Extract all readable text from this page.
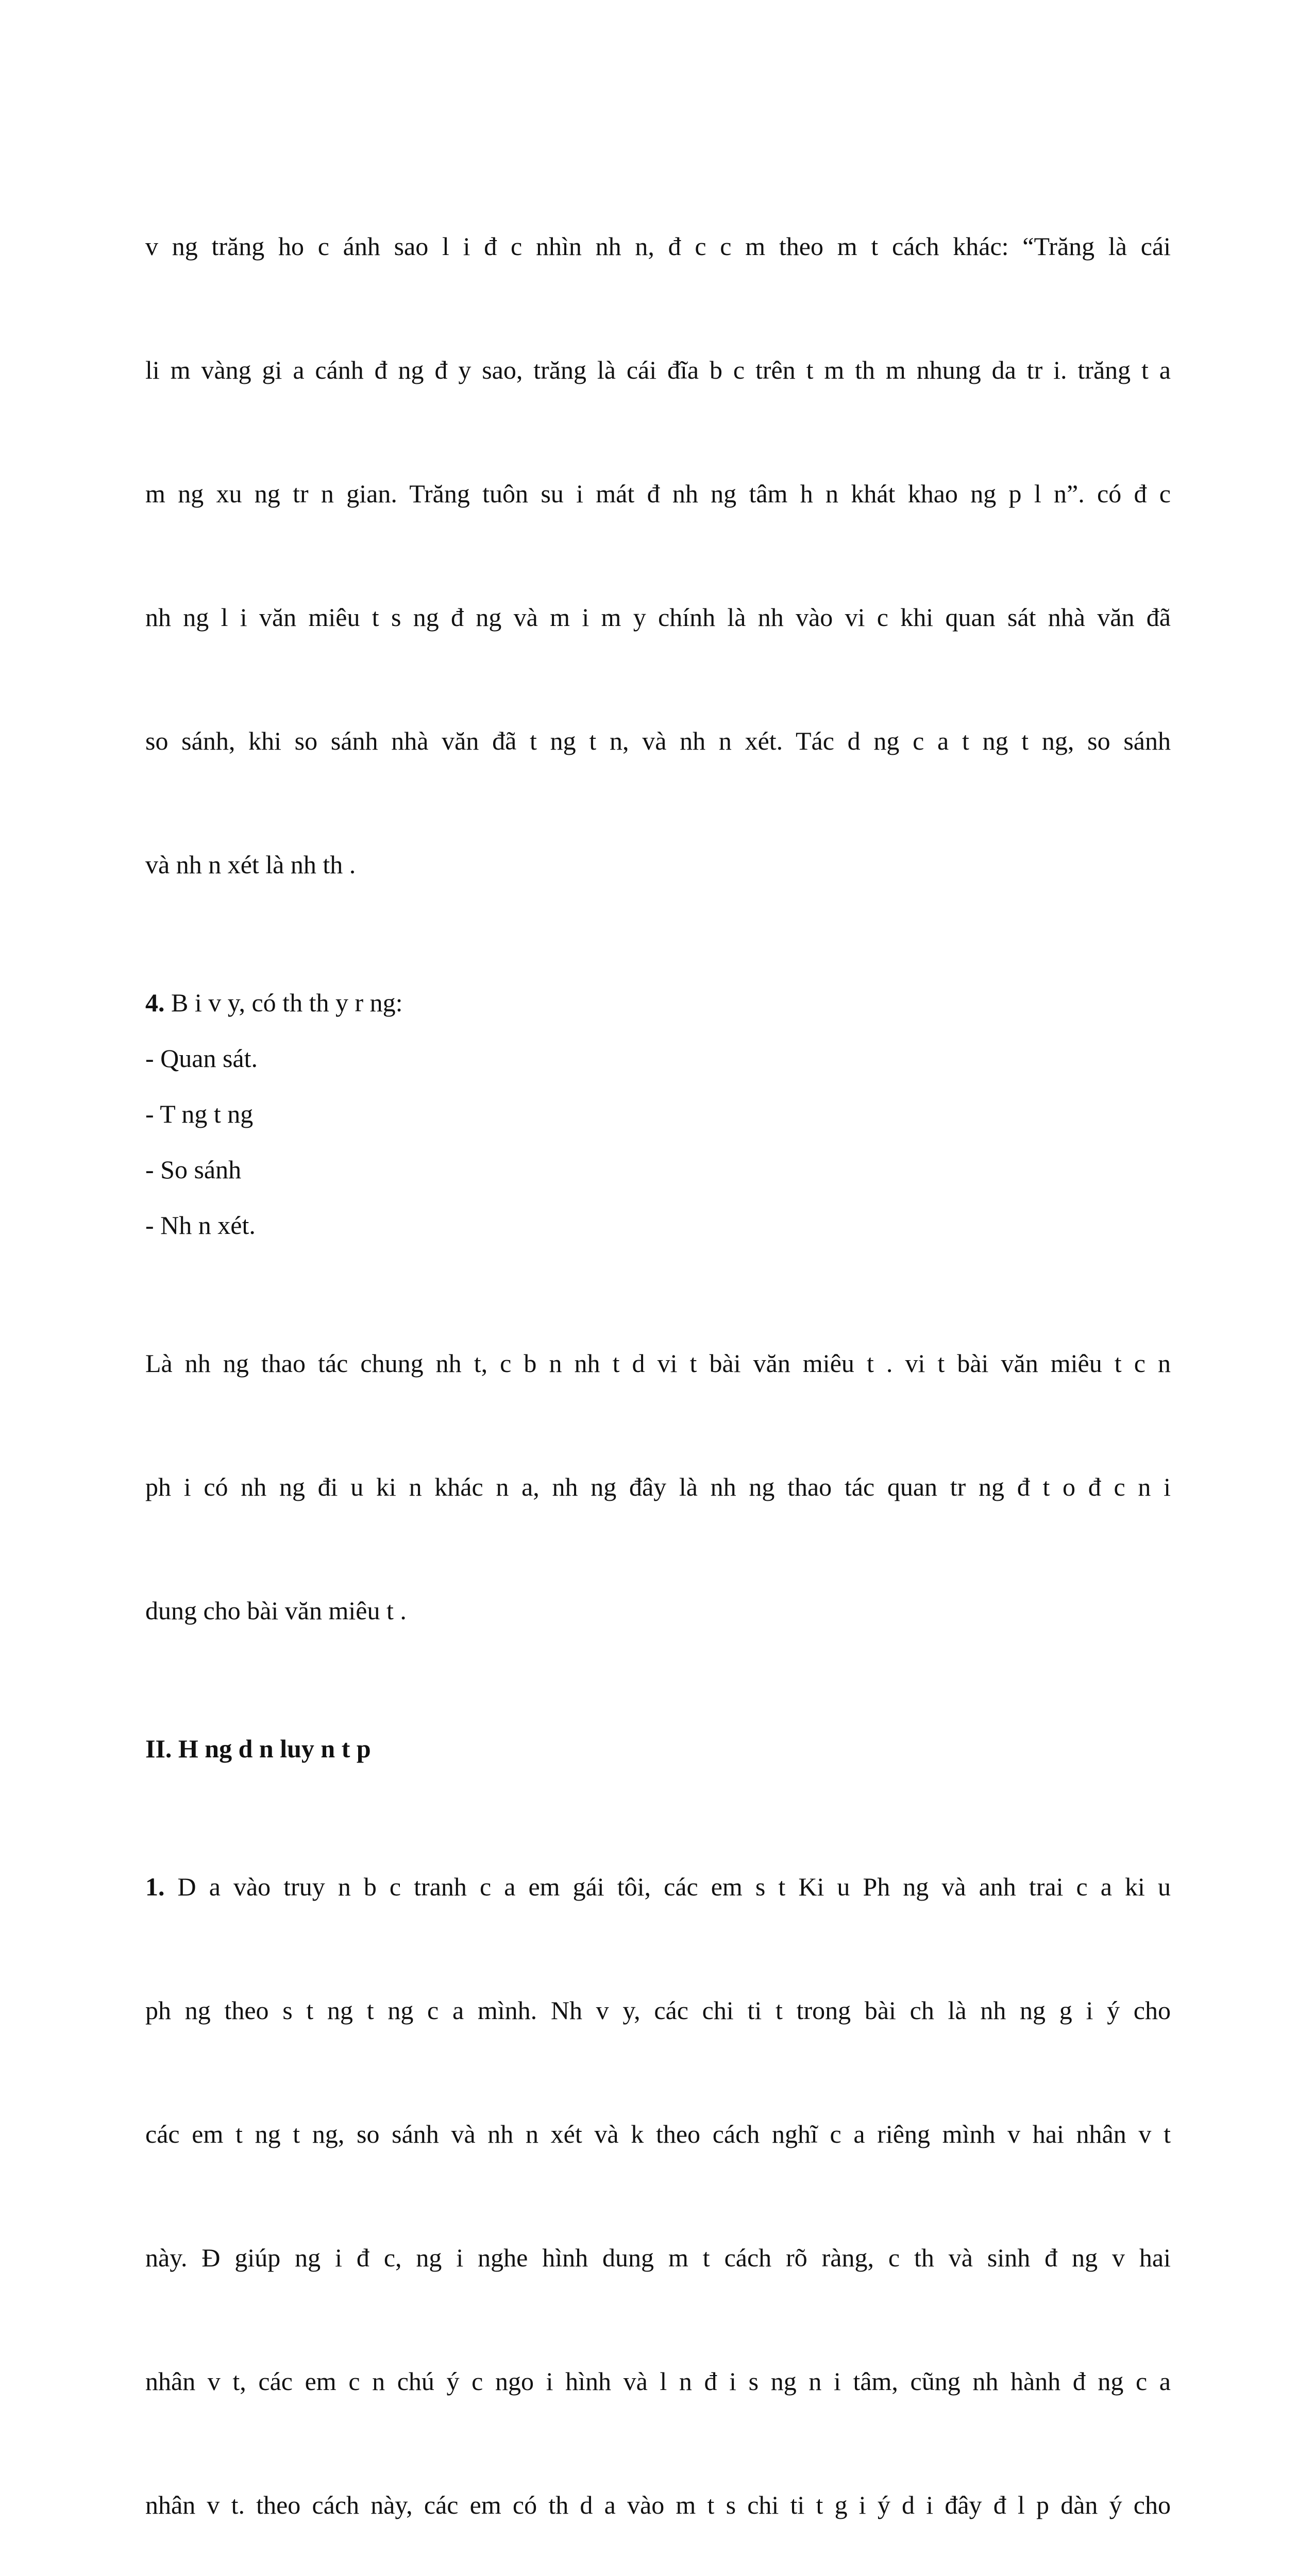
v ng trăng ho c ánh sao l i đ c nhìn nh n, đ c c m theo m t cách khác: “Trăng là cái

li m vàng gi a cánh đ ng đ y sao, trăng là cái đĩa b c trên t m th m nhung da tr i. trăng t a

m ng xu ng tr n gian. Trăng tuôn su i mát đ nh ng tâm h n khát khao ng p l n”. có đ c

nh ng l i văn miêu t s ng đ ng và m i m y chính là nh vào vi c khi quan sát nhà văn đã

so sánh, khi so sánh nhà văn đã t ng t n, và nh n xét. Tác d ng c a t ng t ng, so sánh

và nh n xét là nh th .

4. B i v y, có th th y r ng:

- Quan sát.

- T ng t ng

- So sánh

- Nh n xét.

Là nh ng thao tác chung nh t, c b n nh t d vi t bài văn miêu t . vi t bài văn miêu t c n

ph i có nh ng đi u ki n khác n a, nh ng đây là nh ng thao tác quan tr ng đ t o đ c n i

dung cho bài văn miêu t .

II. H ng d n luy n t p

1. D a vào truy n b c tranh c a em gái tôi, các em s t Ki u Ph ng và anh trai c a ki u

ph ng theo s t ng t ng c a mình. Nh v y, các chi ti t trong bài ch là nh ng g i ý cho

các em t ng t ng, so sánh và nh n xét và k theo cách nghĩ c a riêng mình v hai nhân v t

này. Đ giúp ng i đ c, ng i nghe hình dung m t cách rõ ràng, c th và sinh đ ng v hai

nhân v t, các em c n chú ý c ngo i hình và l n đ i s ng n i tâm, cũng nh hành đ ng c a

nhân v t. theo cách này, các em có th d a vào m t s chi ti t g i ý d i đây đ l p dàn ý cho
